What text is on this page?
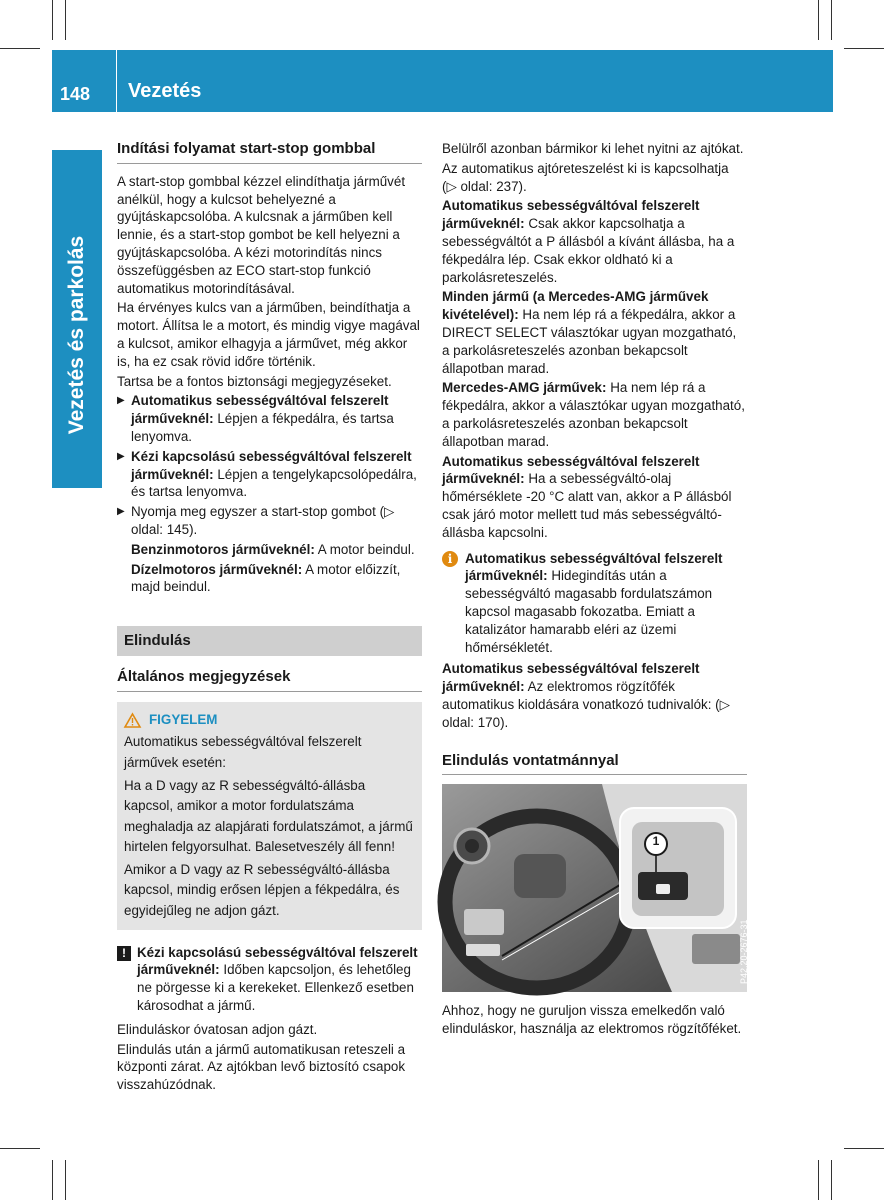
148 Vezetés
Vezetés és parkolás
Indítási folyamat start-stop gombbal

A start-stop gombbal kézzel elindíthatja járművét anélkül, hogy a kulcsot behelyezné a gyújtáskapcsolóba. A kulcsnak a járműben kell lennie, és a start-stop gombot be kell helyezni a gyújtáskapcsolóba. A kézi motorindítás nincs összefüggésben az ECO start-stop funkció automatikus motorindításával.

Ha érvényes kulcs van a járműben, beindíthatja a motort. Állítsa le a motort, és mindig vigye magával a kulcsot, amikor elhagyja a járművet, még akkor is, ha ez csak rövid időre történik.

Tartsa be a fontos biztonsági megjegyzéseket.

▶ Automatikus sebességváltóval felszerelt járműveknél: Lépjen a fékpedálra, és tartsa lenyomva.
▶ Kézi kapcsolású sebességváltóval felszerelt járműveknél: Lépjen a tengelykapcsolópedálra, és tartsa lenyomva.
▶ Nyomja meg egyszer a start-stop gombot (▷ oldal: 145).

Benzinmotoros járműveknél: A motor beindul.

Dízelmotoros járműveknél: A motor előizzít, majd beindul.

Elindulás
Általános megjegyzések
FIGYELEM

Automatikus sebességváltóval felszerelt járművek esetén:

Ha a D vagy az R sebességváltó-állásba kapcsol, amikor a motor fordulatszáma meghaladja az alapjárati fordulatszámot, a jármű hirtelen felgyorsulhat. Balesetveszély áll fenn!

Amikor a D vagy az R sebességváltó-állásba kapcsol, mindig erősen lépjen a fékpedálra, és egyidejűleg ne adjon gázt.

! Kézi kapcsolású sebességváltóval felszerelt járműveknél: Időben kapcsoljon, és lehetőleg ne pörgesse ki a kerekeket. Ellenkező esetben károsodhat a jármű.

Elinduláskor óvatosan adjon gázt.

Elindulás után a jármű automatikusan reteszeli a központi zárat. Az ajtókban levő biztosító csapok visszahúzódnak.

Belülről azonban bármikor ki lehet nyitni az ajtókat.

Az automatikus ajtóreteszelést ki is kapcsolhatja (▷ oldal: 237).

Automatikus sebességváltóval felszerelt járműveknél: Csak akkor kapcsolhatja a sebességváltót a P állásból a kívánt állásba, ha a fékpedálra lép. Csak ekkor oldható ki a parkolásreteszelés.

Minden jármű (a Mercedes-AMG járművek kivételével): Ha nem lép rá a fékpedálra, akkor a DIRECT SELECT választókar ugyan mozgatható, a parkolásreteszelés azonban bekapcsolt állapotban marad.

Mercedes-AMG járművek: Ha nem lép rá a fékpedálra, akkor a választókar ugyan mozgatható, a parkolásreteszelés azonban bekapcsolt állapotban marad.

Automatikus sebességváltóval felszerelt járműveknél: Ha a sebességváltó-olaj hőmérséklete -20 °C alatt van, akkor a P állásból csak járó motor mellett tud más sebességváltó-állásba kapcsolni.

i Automatikus sebességváltóval felszerelt járműveknél: Hidegindítás után a sebességváltó magasabb fordulatszámon kapcsol magasabb fokozatba. Emiatt a katalizátor hamarabb eléri az üzemi hőmérsékletét.

Automatikus sebességváltóval felszerelt járműveknél: Az elektromos rögzítőfék automatikus kioldására vonatkozó tudnivalók: (▷ oldal: 170).

Elindulás vontatmánnyal
1
P42.20-2676-31

Ahhoz, hogy ne guruljon vissza emelkedőn való elinduláskor, használja az elektromos rögzítőféket.
